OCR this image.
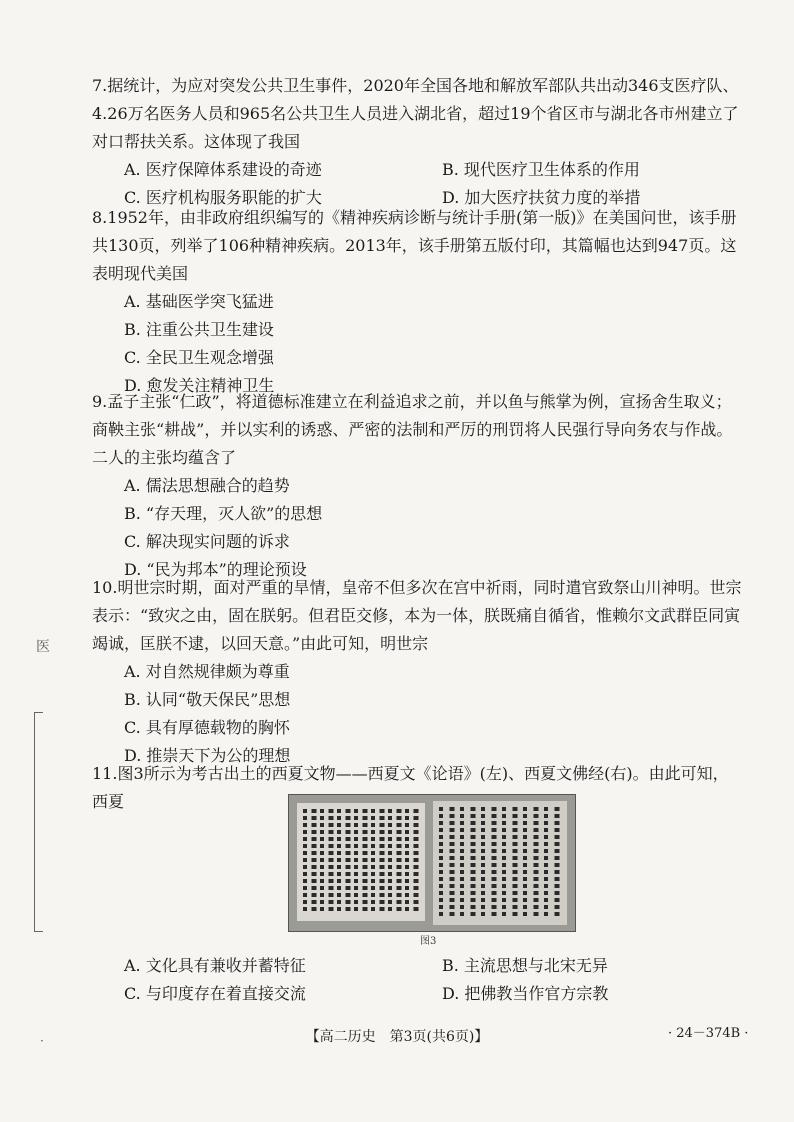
7.据统计，为应对突发公共卫生事件，2020年全国各地和解放军部队共出动346支医疗队、4.26万名医务人员和965名公共卫生人员进入湖北省，超过19个省区市与湖北各市州建立了对口帮扶关系。这体现了我国

A. 医疗保障体系建设的奇迹	B. 现代医疗卫生体系的作用
C. 医疗机构服务职能的扩大	D. 加大医疗扶贫力度的举措

8.1952年，由非政府组织编写的《精神疾病诊断与统计手册(第一版)》在美国问世，该手册共130页，列举了106种精神疾病。2013年，该手册第五版付印，其篇幅也达到947页。这表明现代美国

A. 基础医学突飞猛进
B. 注重公共卫生建设
C. 全民卫生观念增强
D. 愈发关注精神卫生

9.孟子主张“仁政”，将道德标准建立在利益追求之前，并以鱼与熊掌为例，宣扬舍生取义；商鞅主张“耕战”，并以实利的诱惑、严密的法制和严厉的刑罚将人民强行导向务农与作战。二人的主张均蕴含了

A. 儒法思想融合的趋势
B. “存天理，灭人欲”的思想
C. 解决现实问题的诉求
D. “民为邦本”的理论预设

10.明世宗时期，面对严重的旱情，皇帝不但多次在宫中祈雨，同时遣官致祭山川神明。世宗表示：“致灾之由，固在朕躬。但君臣交修，本为一体，朕既痛自循省，惟赖尔文武群臣同寅竭诚，匡朕不逮，以回天意。”由此可知，明世宗

A. 对自然规律颇为尊重
B. 认同“敬天保民”思想
C. 具有厚德载物的胸怀
D. 推崇天下为公的理想

11.图3所示为考古出土的西夏文物——西夏文《论语》(左)、西夏文佛经(右)。由此可知，西夏

图3
A. 文化具有兼收并蓄特征	B. 主流思想与北宋无异
C. 与印度存在着直接交流	D. 把佛教当作官方宗教
【高二历史　第3页(共6页)】	· 24－374B ·
医
·
